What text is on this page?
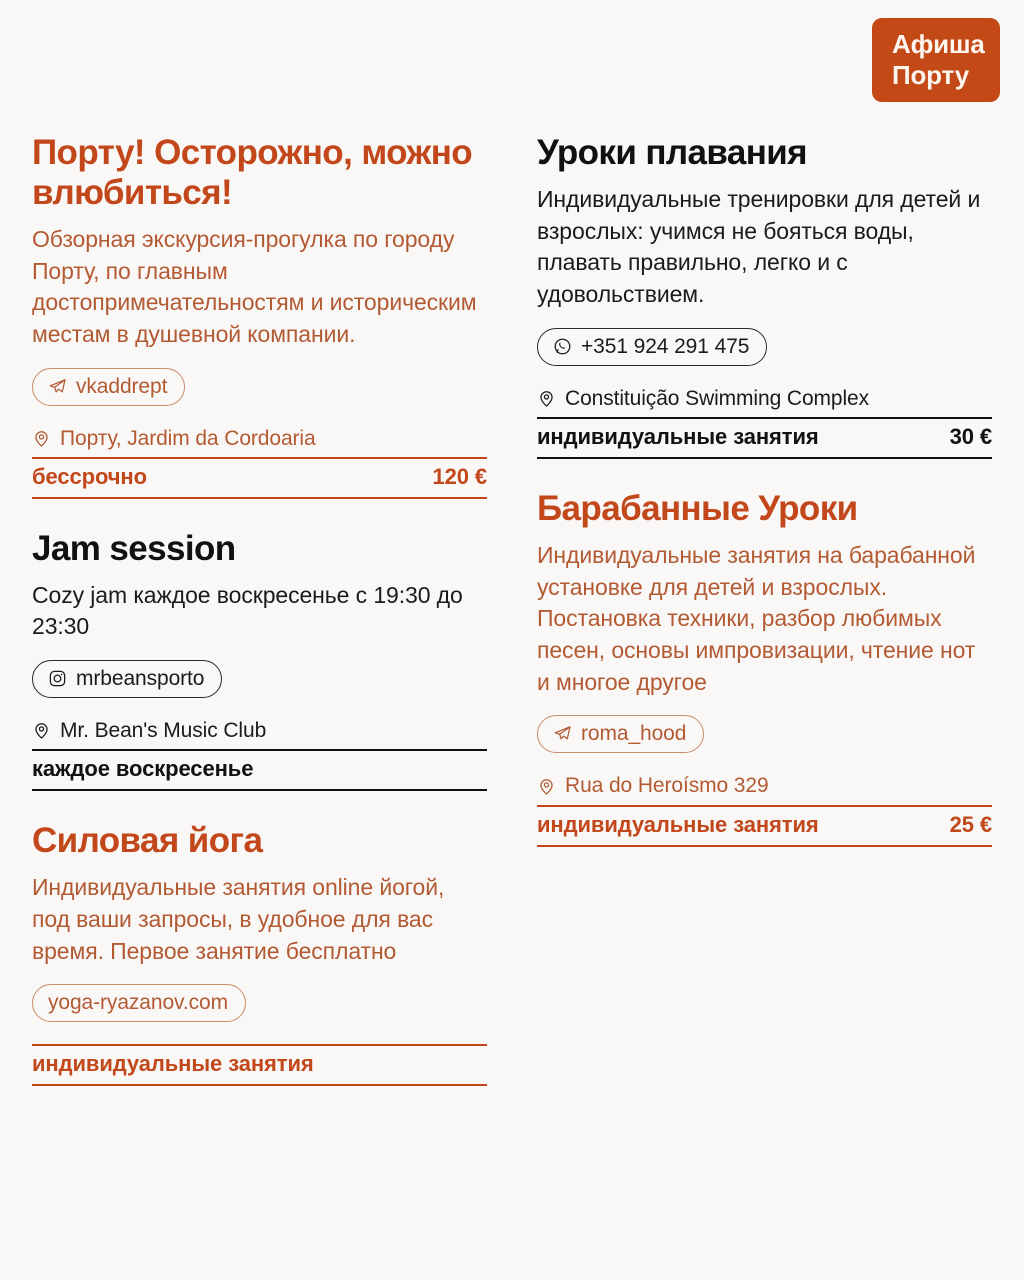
Афиша
Порту
Порту! Осторожно, можно влюбиться!
Обзорная экскурсия-прогулка по городу Порту, по главным достопримечательностям и историческим местам в душевной компании.
vkaddrept
Порту, Jardim da Cordoaria
бессрочно	120 €
Jam session
Cozy jam каждое воскресенье с 19:30 до 23:30
mrbeansporto
Mr. Bean's Music Club
каждое воскресенье
Силовая йога
Индивидуальные занятия online йогой, под ваши запросы, в удобное для вас время. Первое занятие бесплатно
yoga-ryazanov.com
индивидуальные занятия
Уроки плавания
Индивидуальные тренировки для детей и взрослых: учимся не бояться воды, плавать правильно, легко и с удовольствием.
+351 924 291 475
Constituição Swimming Complex
индивидуальные занятия	30 €
Барабанные Уроки
Индивидуальные занятия на барабанной установке для детей и взрослых. Постановка техники, разбор любимых песен, основы импровизации, чтение нот и многое другое
roma_hood
Rua do Heroísmo 329
индивидуальные занятия	25 €
